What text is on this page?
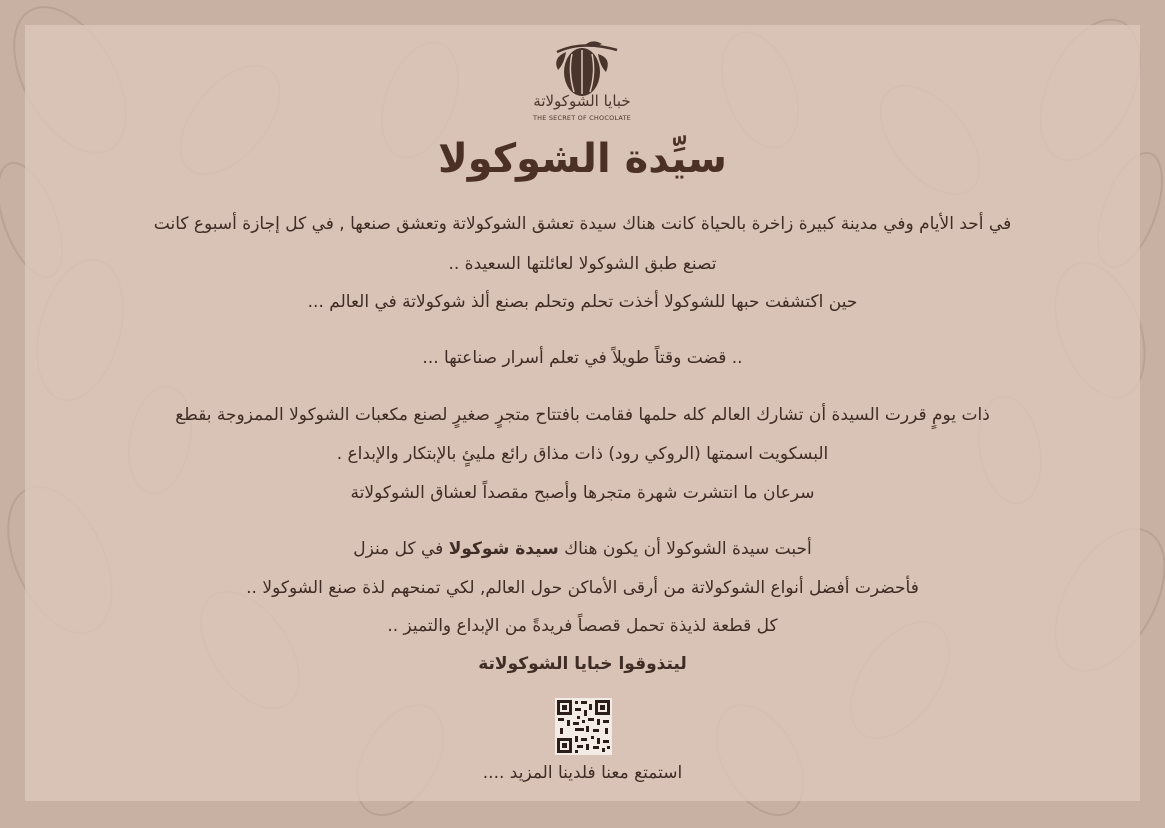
خبايا الشوكولاتة
THE SECRET OF CHOCOLATE
سيِّدة الشوكولا
في أحد الأيام وفي مدينة كبيرة زاخرة بالحياة كانت هناك سيدة تعشق الشوكولاتة وتعشق صنعها , في كل إجازة أسبوع كانت
تصنع طبق الشوكولا لعائلتها السعيدة ..
حين اكتشفت حبها للشوكولا أخذت تحلم وتحلم بصنع ألذ شوكولاتة في العالم ...
.. قضت وقتاً طويلاً في تعلم أسرار صناعتها ...
ذات يومٍ قررت السيدة أن تشارك العالم كله حلمها فقامت بافتتاح متجرٍ صغيرٍ لصنع مكعبات الشوكولا الممزوجة بقطع
البسكويت اسمتها (الروكي رود) ذات مذاق رائع مليئٍ بالإبتكار والإبداع .
سرعان ما انتشرت شهرة متجرها وأصبح مقصداً لعشاق الشوكولاتة
أحبت سيدة الشوكولا أن يكون هناك سيدة شوكولا في كل منزل
فأحضرت أفضل أنواع الشوكولاتة من أرقى الأماكن حول العالم, لكي تمنحهم لذة صنع الشوكولا ..
كل قطعة لذيذة تحمل قصصاً فريدةً من الإبداع والتميز ..
ليتذوقوا خبايا الشوكولاتة
استمتع معنا فلدينا المزيد ....
